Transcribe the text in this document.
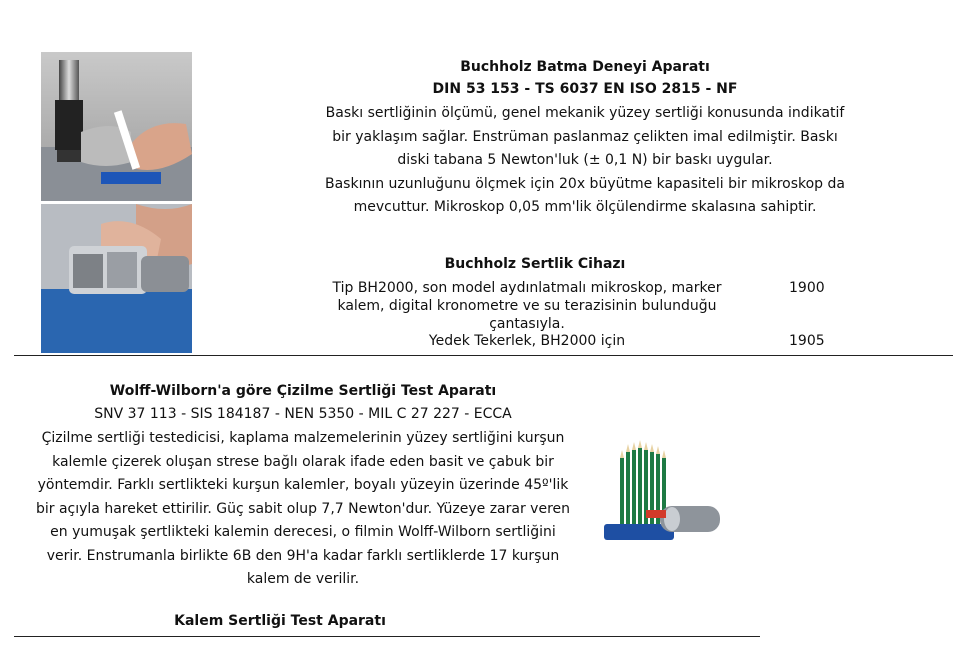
Buchholz Batma Deneyi Aparatı
DIN 53 153 - TS 6037 EN ISO 2815 - NF
Baskı sertliğinin ölçümü, genel mekanik yüzey sertliği konusunda indikatif
bir yaklaşım sağlar. Enstrüman paslanmaz çelikten imal edilmiştir. Baskı
diski tabana 5 Newton'luk (± 0,1 N) bir baskı uygular.
Baskının uzunluğunu ölçmek için 20x büyütme kapasiteli bir mikroskop da
mevcuttur. Mikroskop 0,05 mm'lik ölçülendirme skalasına sahiptir.
Buchholz Sertlik Cihazı
Tip BH2000, son model aydınlatmalı mikroskop, marker
kalem, digital kronometre ve su terazisinin bulunduğu
çantasıyla.
1900
Yedek Tekerlek, BH2000 için	1905
Wolff-Wilborn'a göre Çizilme Sertliği Test Aparatı
SNV 37 113 - SIS 184187 - NEN 5350 - MIL C 27 227 - ECCA
Çizilme sertliği testedicisi, kaplama malzemelerinin yüzey sertliğini kurşun
kalemle çizerek oluşan strese bağlı olarak ifade eden basit ve çabuk bir
yöntemdir. Farklı sertlikteki kurşun kalemler, boyalı yüzeyin üzerinde 45º'lik
bir açıyla hareket ettirilir. Güç sabit olup 7,7 Newton'dur. Yüzeye zarar veren
en yumuşak şertlikteki kalemin derecesi, o filmin Wolff-Wilborn sertliğini
verir. Enstrumanla birlikte 6B den 9H'a kadar farklı sertliklerde 17 kurşun
kalem de verilir.
Kalem Sertliği Test Aparatı
